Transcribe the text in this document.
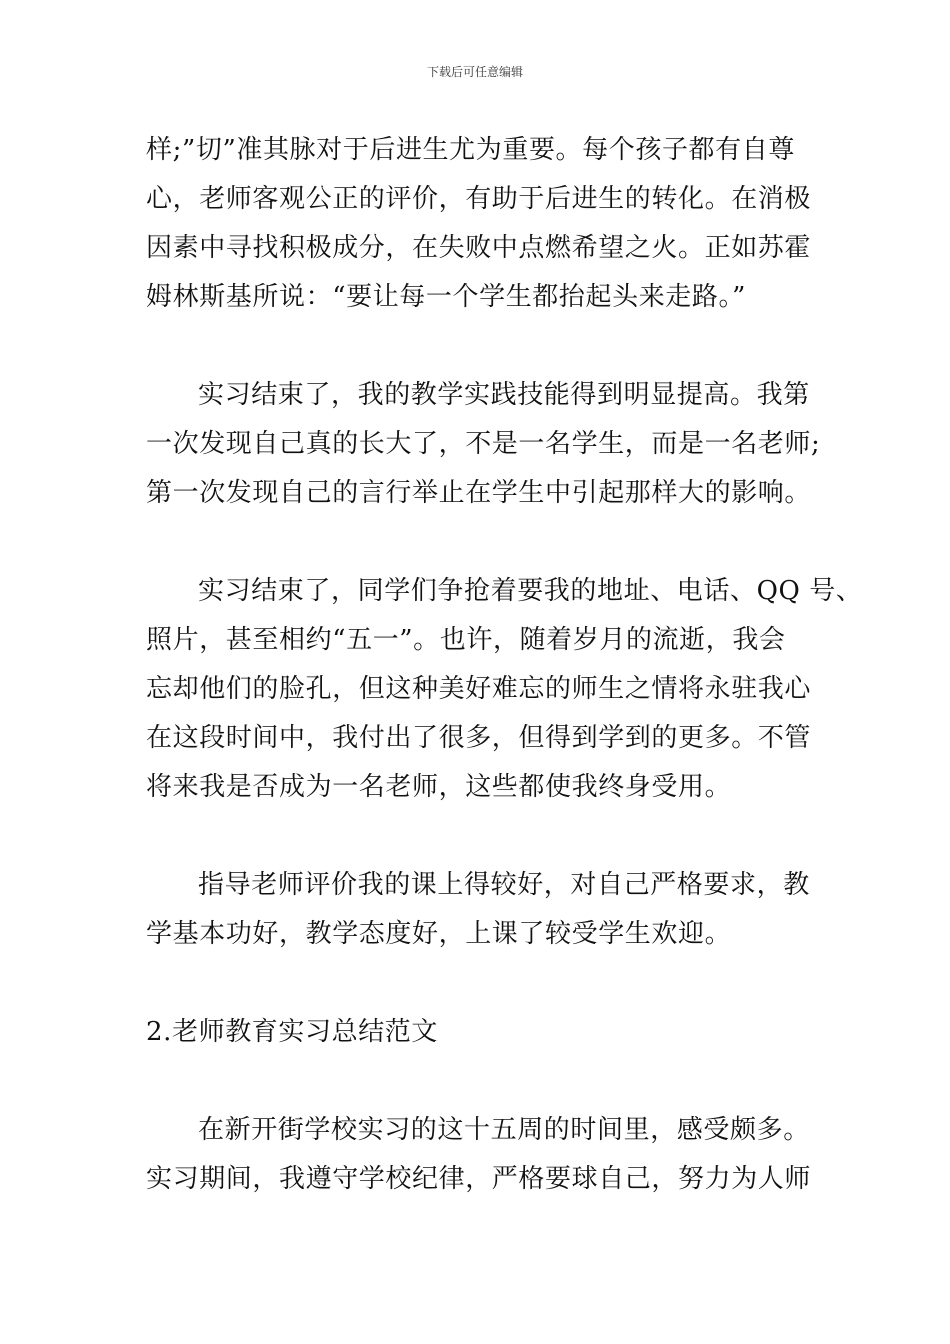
下载后可任意编辑

样;”切”准其脉对于后进生尤为重要。每个孩子都有自尊
心，老师客观公正的评价，有助于后进生的转化。在消极
因素中寻找积极成分，在失败中点燃希望之火。正如苏霍
姆林斯基所说：“要让每一个学生都抬起头来走路。”

实习结束了，我的教学实践技能得到明显提高。我第
一次发现自己真的长大了，不是一名学生，而是一名老师;
第一次发现自己的言行举止在学生中引起那样大的影响。

实习结束了，同学们争抢着要我的地址、电话、QQ 号、
照片，甚至相约“五一”。也许，随着岁月的流逝，我会
忘却他们的脸孔，但这种美好难忘的师生之情将永驻我心
在这段时间中，我付出了很多，但得到学到的更多。不管
将来我是否成为一名老师，这些都使我终身受用。

指导老师评价我的课上得较好，对自己严格要求，教
学基本功好，教学态度好，上课了较受学生欢迎。

2.老师教育实习总结范文

在新开街学校实习的这十五周的时间里，感受颇多。
实习期间，我遵守学校纪律，严格要球自己，努力为人师
